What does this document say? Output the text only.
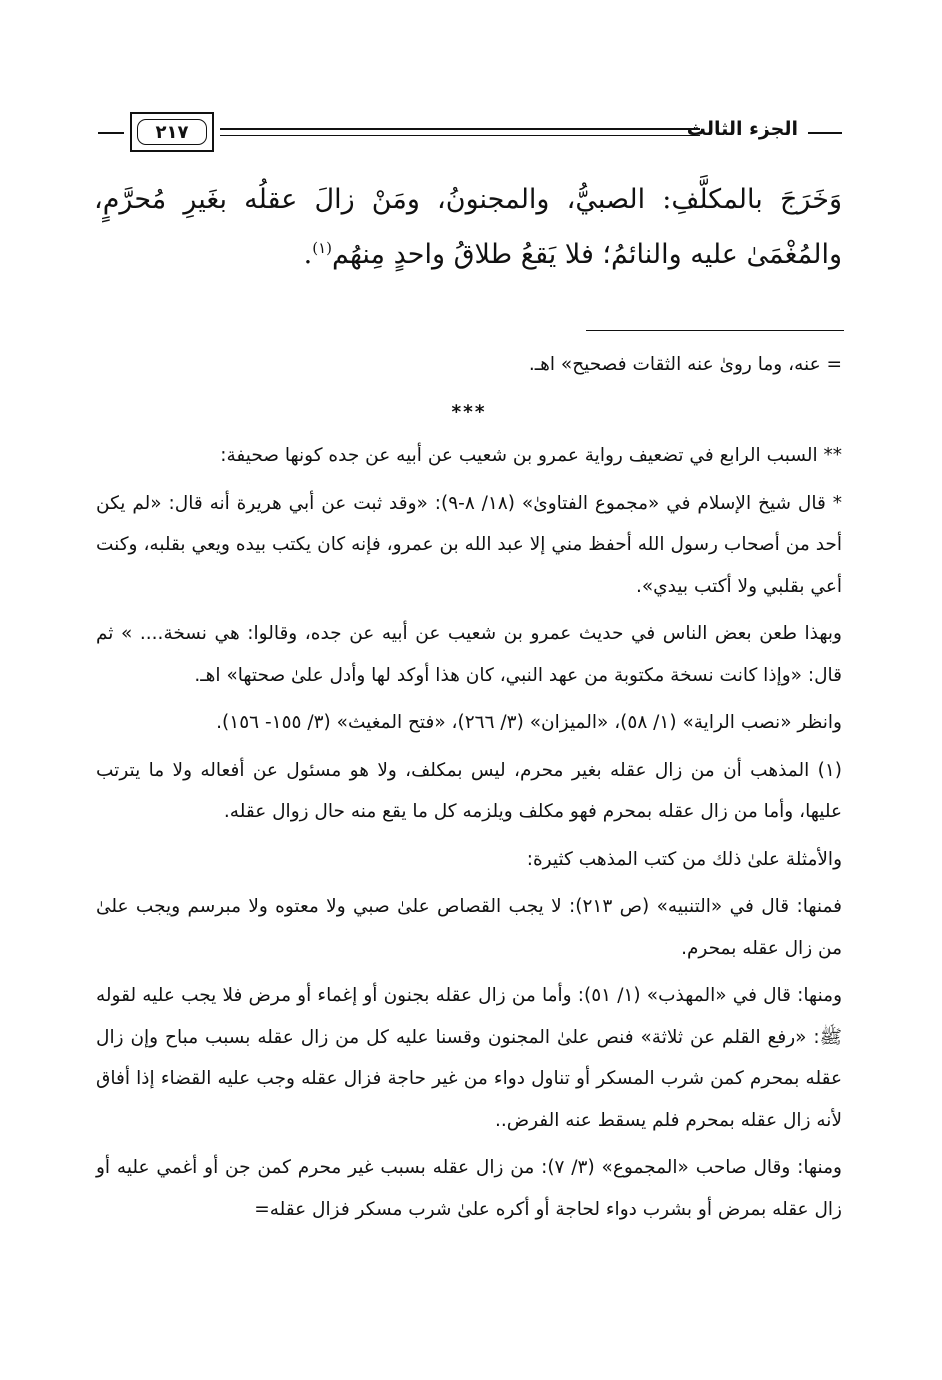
الجزء الثالث
٢١٧
وَخَرَجَ بالمكلَّفِ: الصبيُّ، والمجنونُ، ومَنْ زالَ عقلُه بغَيرِ مُحرَّمٍ، والمُغْمَىٰ عليه والنائمُ؛ فلا يَقعُ طلاقُ واحدٍ مِنهُم$^{(١)}$.

= عنه، وما روىٰ عنه الثقات فصحيح» اهـ.

***

** السبب الرابع في تضعيف رواية عمرو بن شعيب عن أبيه عن جده كونها صحيفة:

* قال شيخ الإسلام في «مجموع الفتاوىٰ» (١٨/ ٨-٩): «وقد ثبت عن أبي هريرة أنه قال: «لم يكن أحد من أصحاب رسول الله أحفظ مني إلا عبد الله بن عمرو، فإنه كان يكتب بيده ويعي بقلبه، وكنت أعي بقلبي ولا أكتب بيدي».

وبهذا طعن بعض الناس في حديث عمرو بن شعيب عن أبيه عن جده، وقالوا: هي نسخة.... » ثم قال: «وإذا كانت نسخة مكتوبة من عهد النبي، كان هذا أوكد لها وأدل علىٰ صحتها» اهـ.

وانظر «نصب الراية» (١/ ٥٨)، «الميزان» (٣/ ٢٦٦)، «فتح المغيث» (٣/ ١٥٥- ١٥٦).

(١) المذهب أن من زال عقله بغير محرم، ليس بمكلف، ولا هو مسئول عن أفعاله ولا ما يترتب عليها، وأما من زال عقله بمحرم فهو مكلف ويلزمه كل ما يقع منه حال زوال عقله.

والأمثلة علىٰ ذلك من كتب المذهب كثيرة:

فمنها: قال في «التنبيه» (ص ٢١٣): لا يجب القصاص علىٰ صبي ولا معتوه ولا مبرسم ويجب علىٰ من زال عقله بمحرم.

ومنها: قال في «المهذب» (١/ ٥١): وأما من زال عقله بجنون أو إغماء أو مرض فلا يجب عليه لقوله ﷺ: «رفع القلم عن ثلاثة» فنص علىٰ المجنون وقسنا عليه كل من زال عقله بسبب مباح وإن زال عقله بمحرم كمن شرب المسكر أو تناول دواء من غير حاجة فزال عقله وجب عليه القضاء إذا أفاق لأنه زال عقله بمحرم فلم يسقط عنه الفرض..

ومنها: وقال صاحب «المجموع» (٣/ ٧): من زال عقله بسبب غير محرم كمن جن أو أغمي عليه أو زال عقله بمرض أو بشرب دواء لحاجة أو أكره علىٰ شرب مسكر فزال عقله=
